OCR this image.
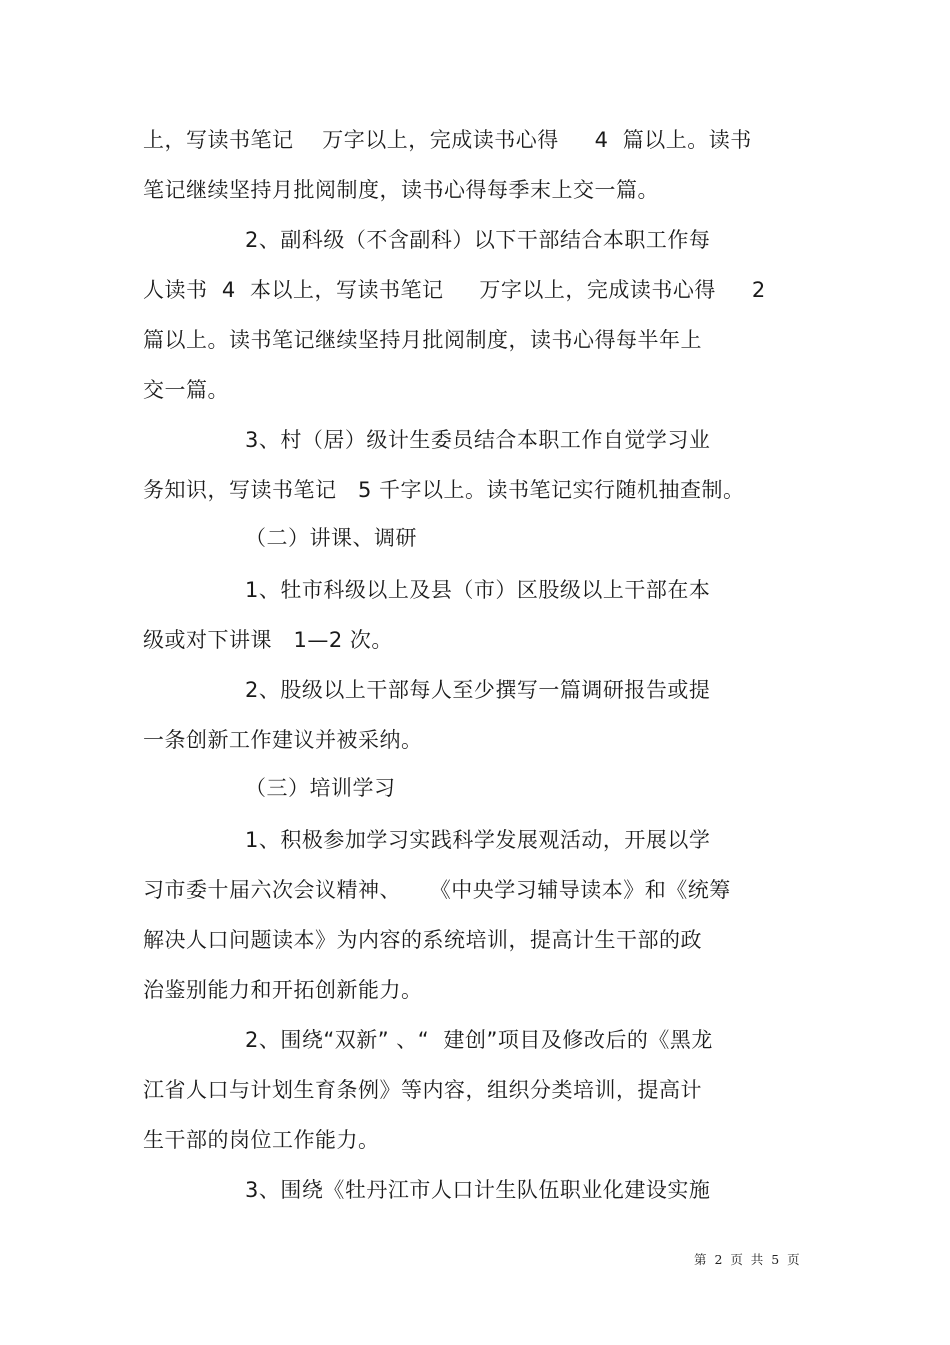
上，写读书笔记    万字以上，完成读书心得     4  篇以上。读书
笔记继续坚持月批阅制度，读书心得每季末上交一篇。
2、副科级（不含副科）以下干部结合本职工作每
人读书  4  本以上，写读书笔记     万字以上，完成读书心得     2
篇以上。读书笔记继续坚持月批阅制度，读书心得每半年上
交一篇。
3、村（居）级计生委员结合本职工作自觉学习业
务知识，写读书笔记   5 千字以上。读书笔记实行随机抽查制。
（二）讲课、调研
1、牡市科级以上及县（市）区股级以上干部在本
级或对下讲课   1—2 次。
2、股级以上干部每人至少撰写一篇调研报告或提
一条创新工作建议并被采纳。
（三）培训学习
1、积极参加学习实践科学发展观活动，开展以学
习市委十届六次会议精神、    《中央学习辅导读本》和《统筹
解决人口问题读本》为内容的系统培训，提高计生干部的政
治鉴别能力和开拓创新能力。
2、围绕“双新” 、“  建创”项目及修改后的《黑龙
江省人口与计划生育条例》等内容，组织分类培训，提高计
生干部的岗位工作能力。
3、围绕《牡丹江市人口计生队伍职业化建设实施
第  2  页  共  5  页
